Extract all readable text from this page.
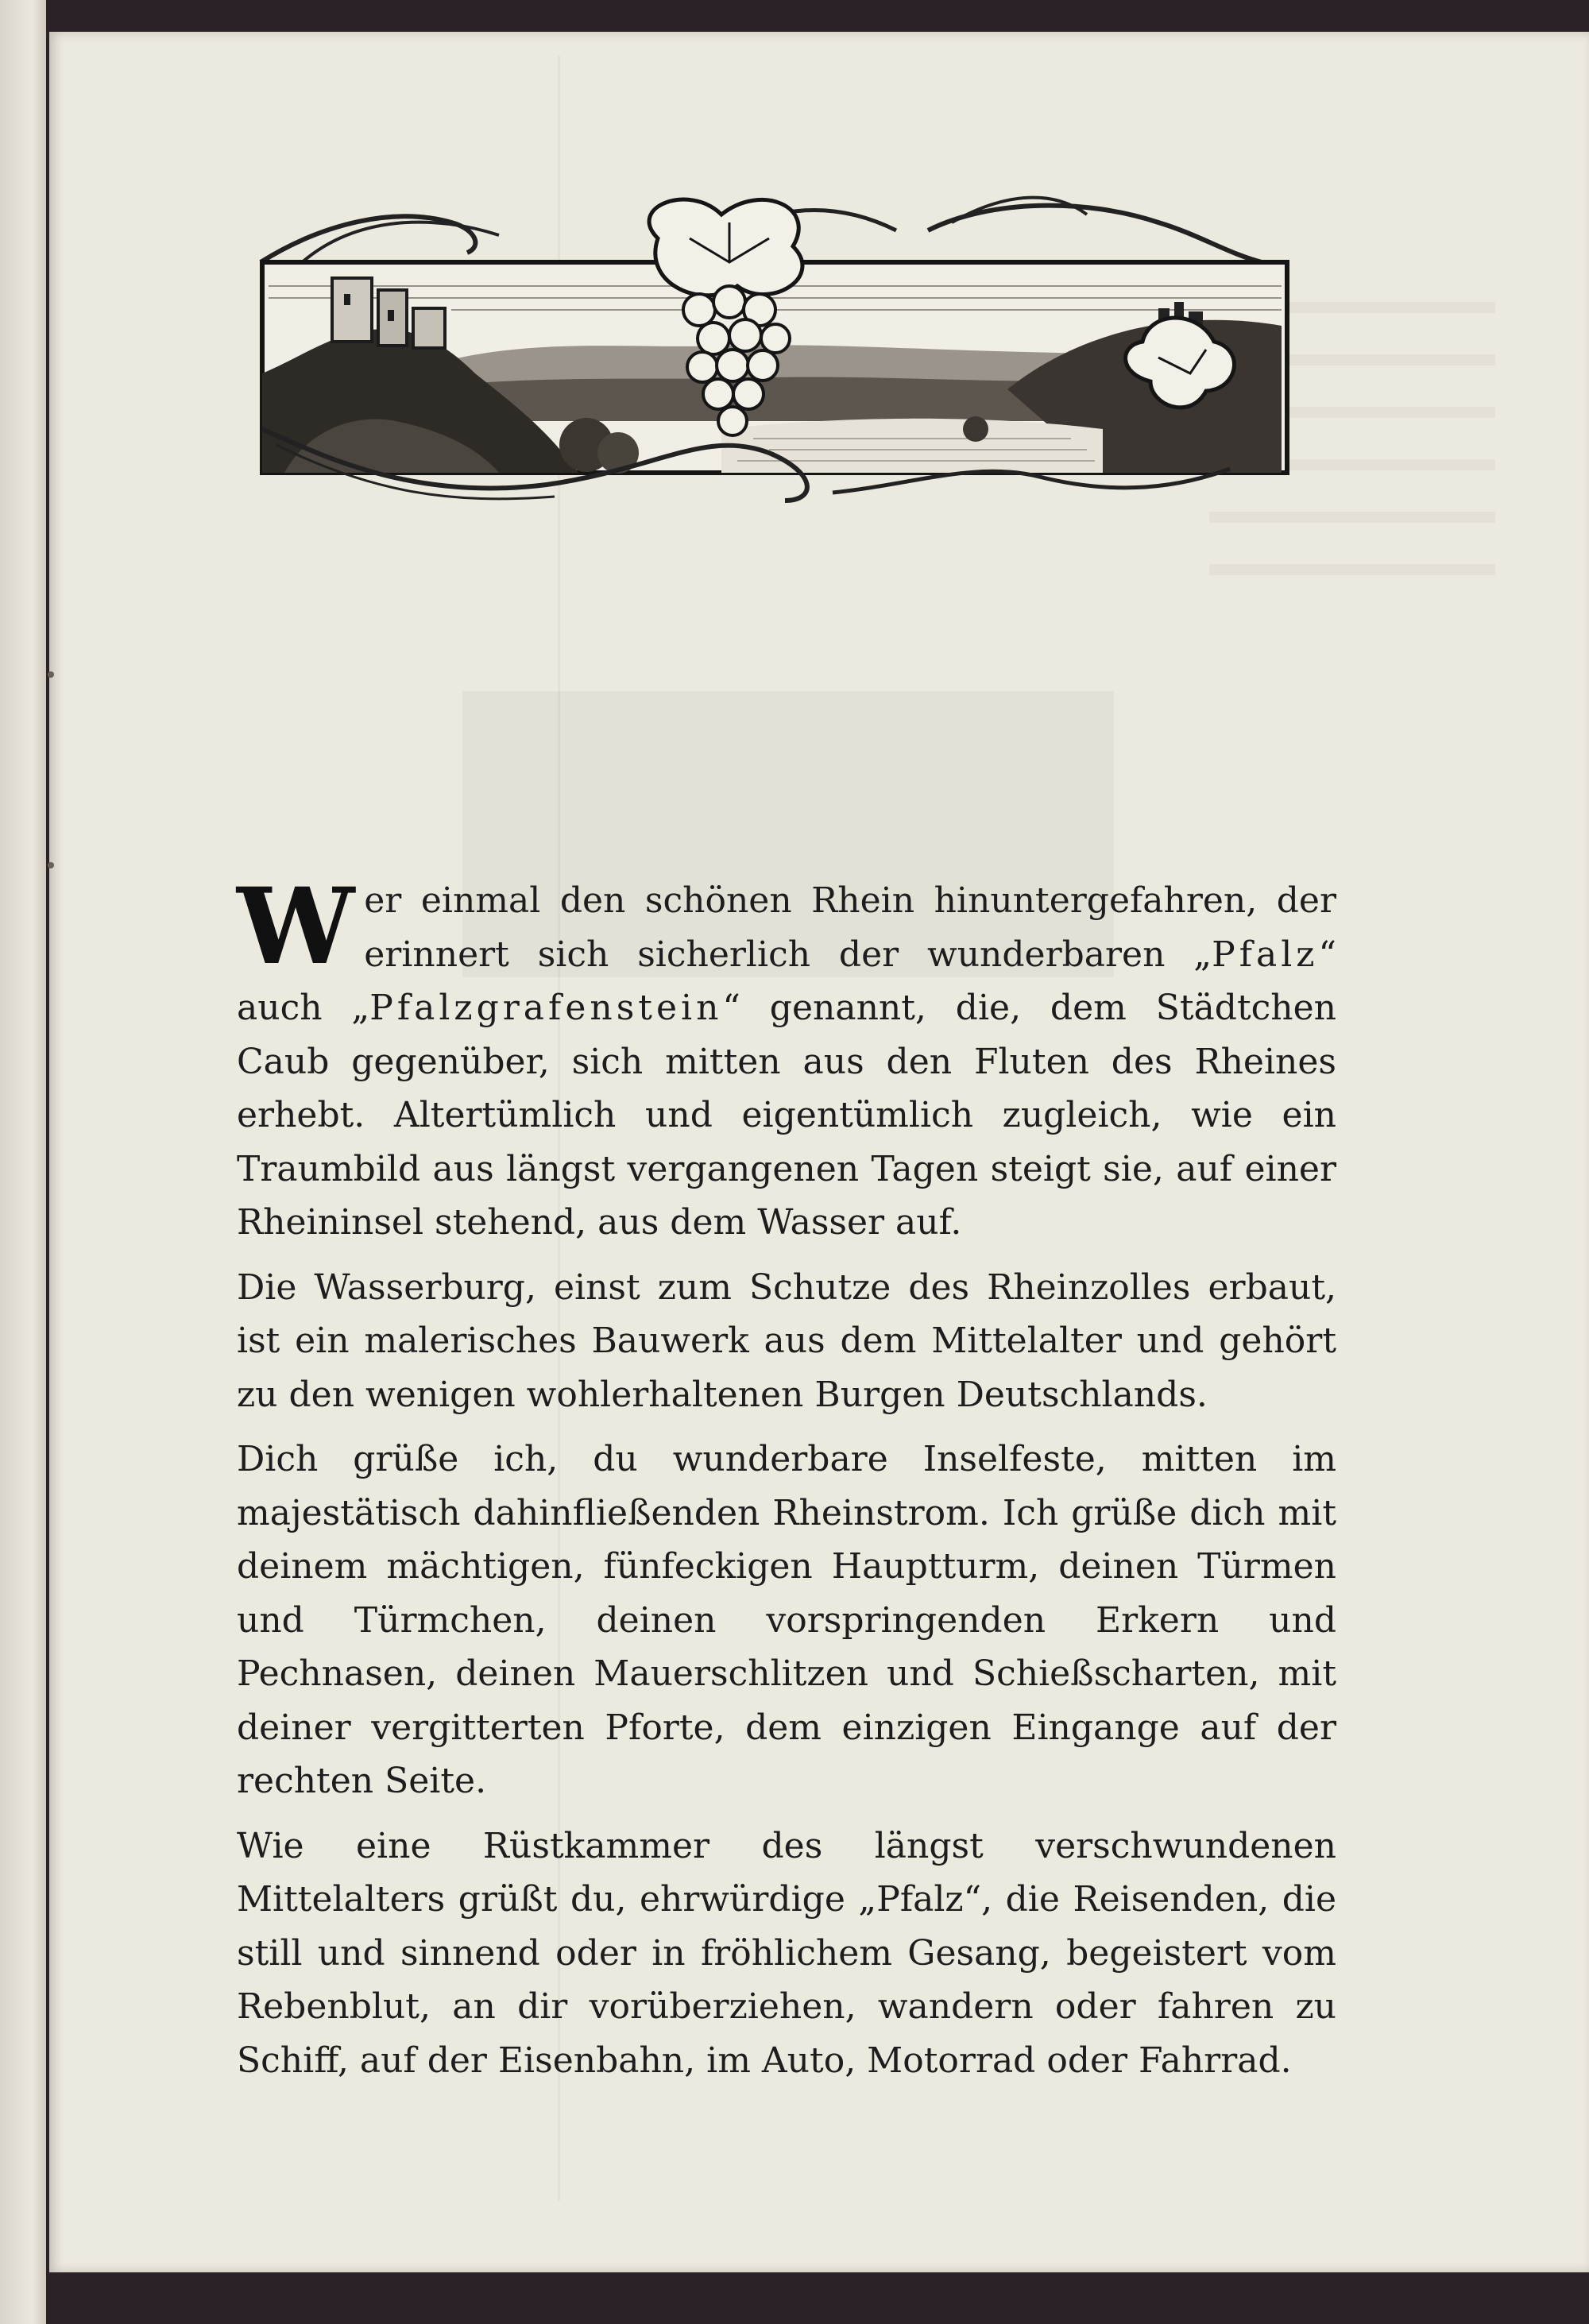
Wer einmal den schönen Rhein hinuntergefahren, der erinnert sich sicherlich der wunderbaren „Pfalz“ auch „Pfalzgrafenstein“ genannt, die, dem Städtchen Caub gegenüber, sich mitten aus den Fluten des Rheines erhebt. Altertümlich und eigentümlich zugleich, wie ein Traumbild aus längst vergangenen Tagen steigt sie, auf einer Rheininsel stehend, aus dem Wasser auf.

Die Wasserburg, einst zum Schutze des Rheinzolles erbaut, ist ein malerisches Bauwerk aus dem Mittelalter und gehört zu den wenigen wohlerhaltenen Burgen Deutschlands.

Dich grüße ich, du wunderbare Inselfeste, mitten im majestätisch dahinfließenden Rheinstrom. Ich grüße dich mit deinem mächtigen, fünfeckigen Hauptturm, deinen Türmen und Türmchen, deinen vorspringenden Erkern und Pechnasen, deinen Mauerschlitzen und Schießscharten, mit deiner vergitterten Pforte, dem einzigen Eingange auf der rechten Seite.

Wie eine Rüstkammer des längst verschwundenen Mittelalters grüßt du, ehrwürdige „Pfalz“, die Reisenden, die still und sinnend oder in fröhlichem Gesang, begeistert vom Rebenblut, an dir vorüberziehen, wandern oder fahren zu Schiff, auf der Eisenbahn, im Auto, Motorrad oder Fahrrad.
